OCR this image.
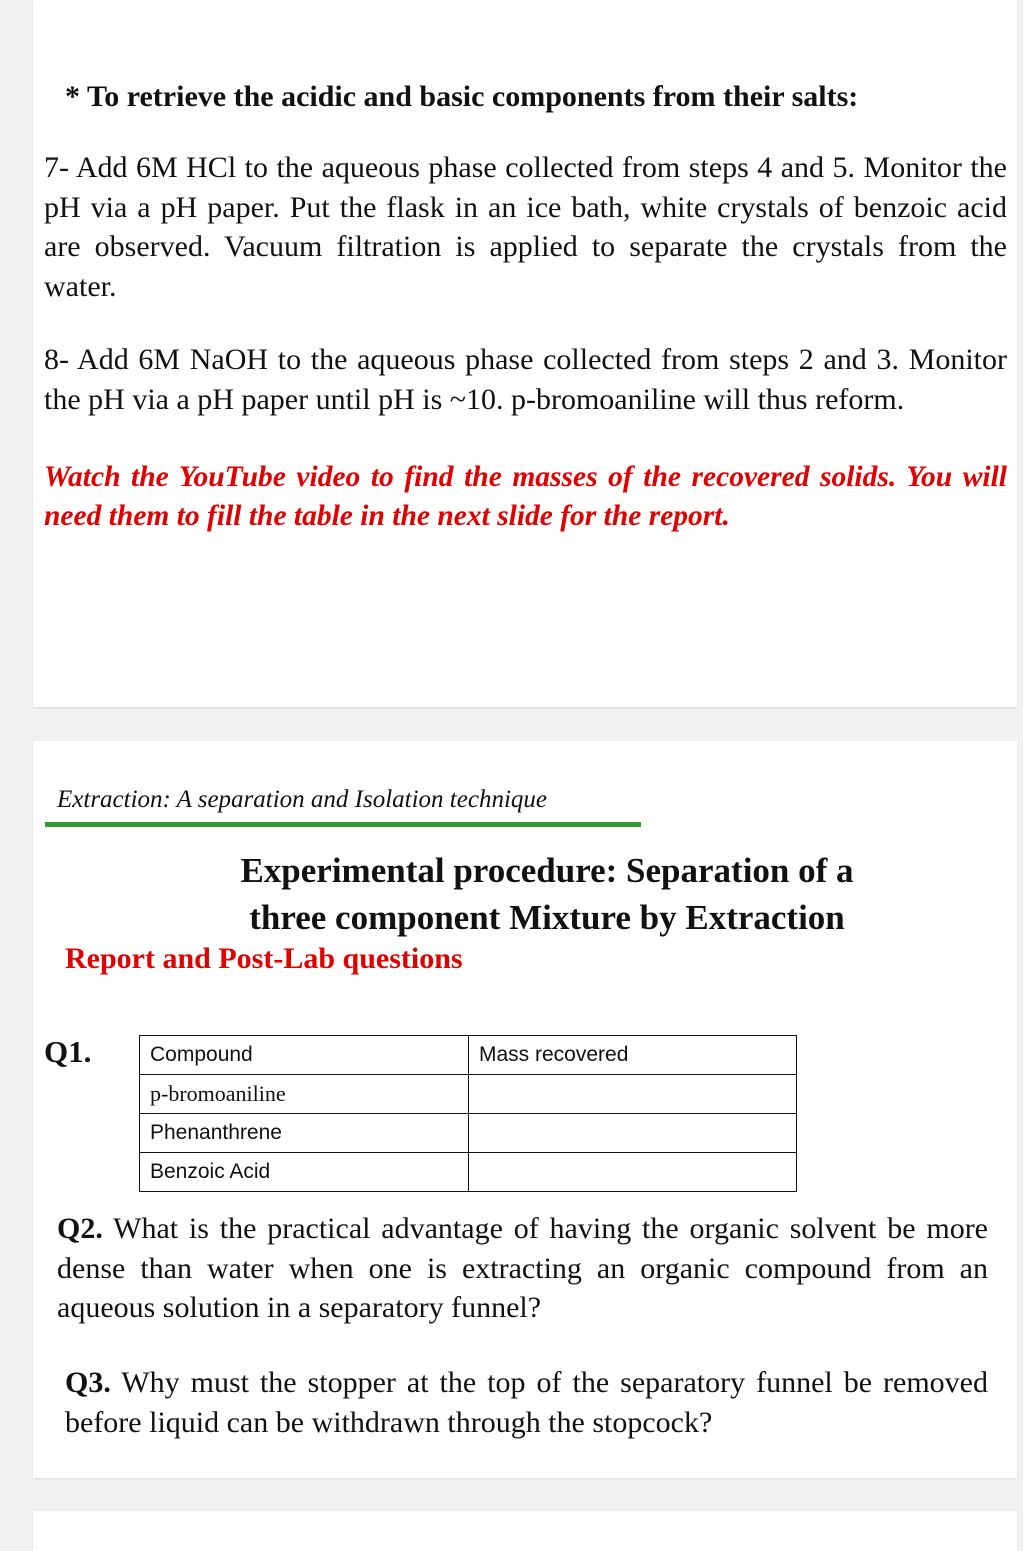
* To retrieve the acidic and basic components from their salts:

7- Add 6M HCl to the aqueous phase collected from steps 4 and 5. Monitor the pH via a pH paper. Put the flask in an ice bath, white crystals of benzoic acid are observed. Vacuum filtration is applied to separate the crystals from the water.

8- Add 6M NaOH to the aqueous phase collected from steps 2 and 3. Monitor the pH via a pH paper until pH is ~10. p-bromoaniline will thus reform.

Watch the YouTube video to find the masses of the recovered solids. You will need them to fill the table in the next slide for the report.

Extraction: A separation and Isolation technique
Experimental procedure: Separation of a
three component Mixture by Extraction
Report and Post-Lab questions
Q1.	Compound	Mass recovered
p-bromoaniline	
Phenanthrene	
Benzoic Acid	

Q2. What is the practical advantage of having the organic solvent be more dense than water when one is extracting an organic compound from an aqueous solution in a separatory funnel?

Q3. Why must the stopper at the top of the separatory funnel be removed before liquid can be withdrawn through the stopcock?
